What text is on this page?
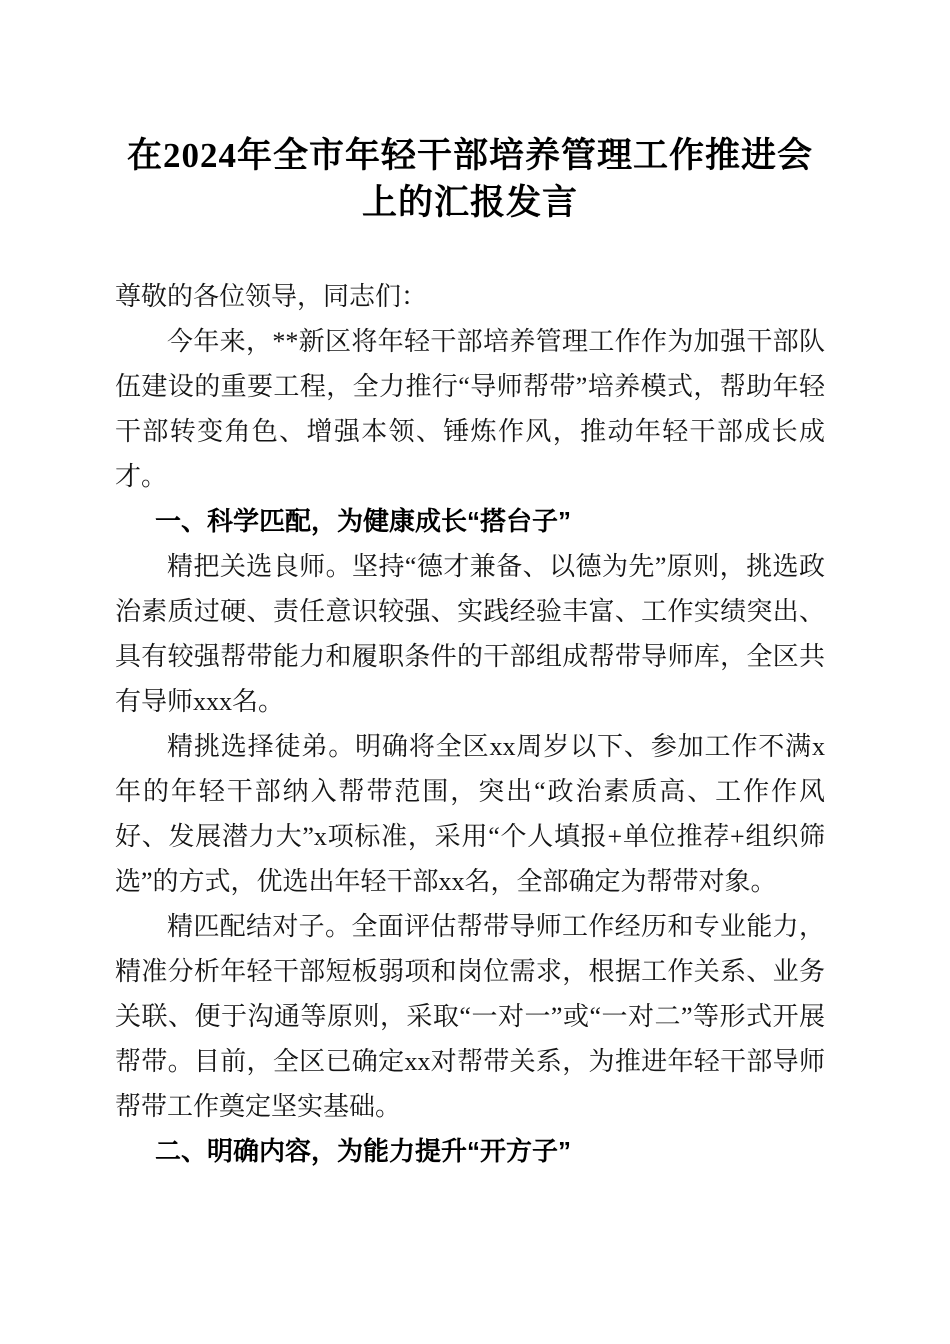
在2024年全市年轻干部培养管理工作推进会
上的汇报发言

尊敬的各位领导，同志们：

今年来，**新区将年轻干部培养管理工作作为加强干部队伍建设的重要工程，全力推行“导师帮带”培养模式，帮助年轻干部转变角色、增强本领、锤炼作风，推动年轻干部成长成才。

一、科学匹配，为健康成长“搭台子”

精把关选良师。坚持“德才兼备、以德为先”原则，挑选政治素质过硬、责任意识较强、实践经验丰富、工作实绩突出、具有较强帮带能力和履职条件的干部组成帮带导师库，全区共有导师xxx名。

精挑选择徒弟。明确将全区xx周岁以下、参加工作不满x年的年轻干部纳入帮带范围，突出“政治素质高、工作作风好、发展潜力大”x项标准，采用“个人填报+单位推荐+组织筛选”的方式，优选出年轻干部xx名，全部确定为帮带对象。

精匹配结对子。全面评估帮带导师工作经历和专业能力，精准分析年轻干部短板弱项和岗位需求，根据工作关系、业务关联、便于沟通等原则，采取“一对一”或“一对二”等形式开展帮带。目前，全区已确定xx对帮带关系，为推进年轻干部导师帮带工作奠定坚实基础。

二、明确内容，为能力提升“开方子”
